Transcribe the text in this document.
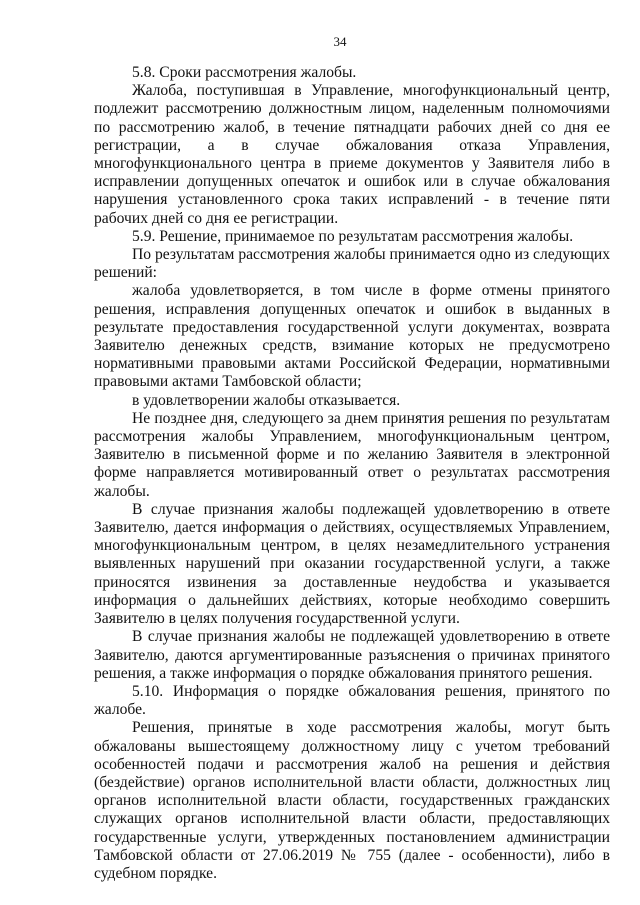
34

5.8. Сроки рассмотрения жалобы.

Жалоба, поступившая в Управление, многофункциональный центр, подлежит рассмотрению должностным лицом, наделенным полномочиями по рассмотрению жалоб, в течение пятнадцати рабочих дней со дня ее регистрации, а в случае обжалования отказа Управления, многофункционального центра в приеме документов у Заявителя либо в исправлении допущенных опечаток и ошибок или в случае обжалования нарушения установленного срока таких исправлений - в течение пяти рабочих дней со дня ее регистрации.

5.9. Решение, принимаемое по результатам рассмотрения жалобы.

По результатам рассмотрения жалобы принимается одно из следующих решений:

жалоба удовлетворяется, в том числе в форме отмены принятого решения, исправления допущенных опечаток и ошибок в выданных в результате предоставления государственной услуги документах, возврата Заявителю денежных средств, взимание которых не предусмотрено нормативными правовыми актами Российской Федерации, нормативными правовыми актами Тамбовской области;

в удовлетворении жалобы отказывается.

Не позднее дня, следующего за днем принятия решения по результатам рассмотрения жалобы Управлением, многофункциональным центром, Заявителю в письменной форме и по желанию Заявителя в электронной форме направляется мотивированный ответ о результатах рассмотрения жалобы.

В случае признания жалобы подлежащей удовлетворению в ответе Заявителю, дается информация о действиях, осуществляемых Управлением, многофункциональным центром, в целях незамедлительного устранения выявленных нарушений при оказании государственной услуги, а также приносятся извинения за доставленные неудобства и указывается информация о дальнейших действиях, которые необходимо совершить Заявителю в целях получения государственной услуги.

В случае признания жалобы не подлежащей удовлетворению в ответе Заявителю, даются аргументированные разъяснения о причинах принятого решения, а также информация о порядке обжалования принятого решения.

5.10. Информация о порядке обжалования решения, принятого по жалобе.

Решения, принятые в ходе рассмотрения жалобы, могут быть обжалованы вышестоящему должностному лицу с учетом требований особенностей подачи и рассмотрения жалоб на решения и действия (бездействие) органов исполнительной власти области, должностных лиц органов исполнительной власти области, государственных гражданских служащих органов исполнительной власти области, предоставляющих государственные услуги, утвержденных постановлением администрации Тамбовской области от 27.06.2019 № 755 (далее - особенности), либо в судебном порядке.
